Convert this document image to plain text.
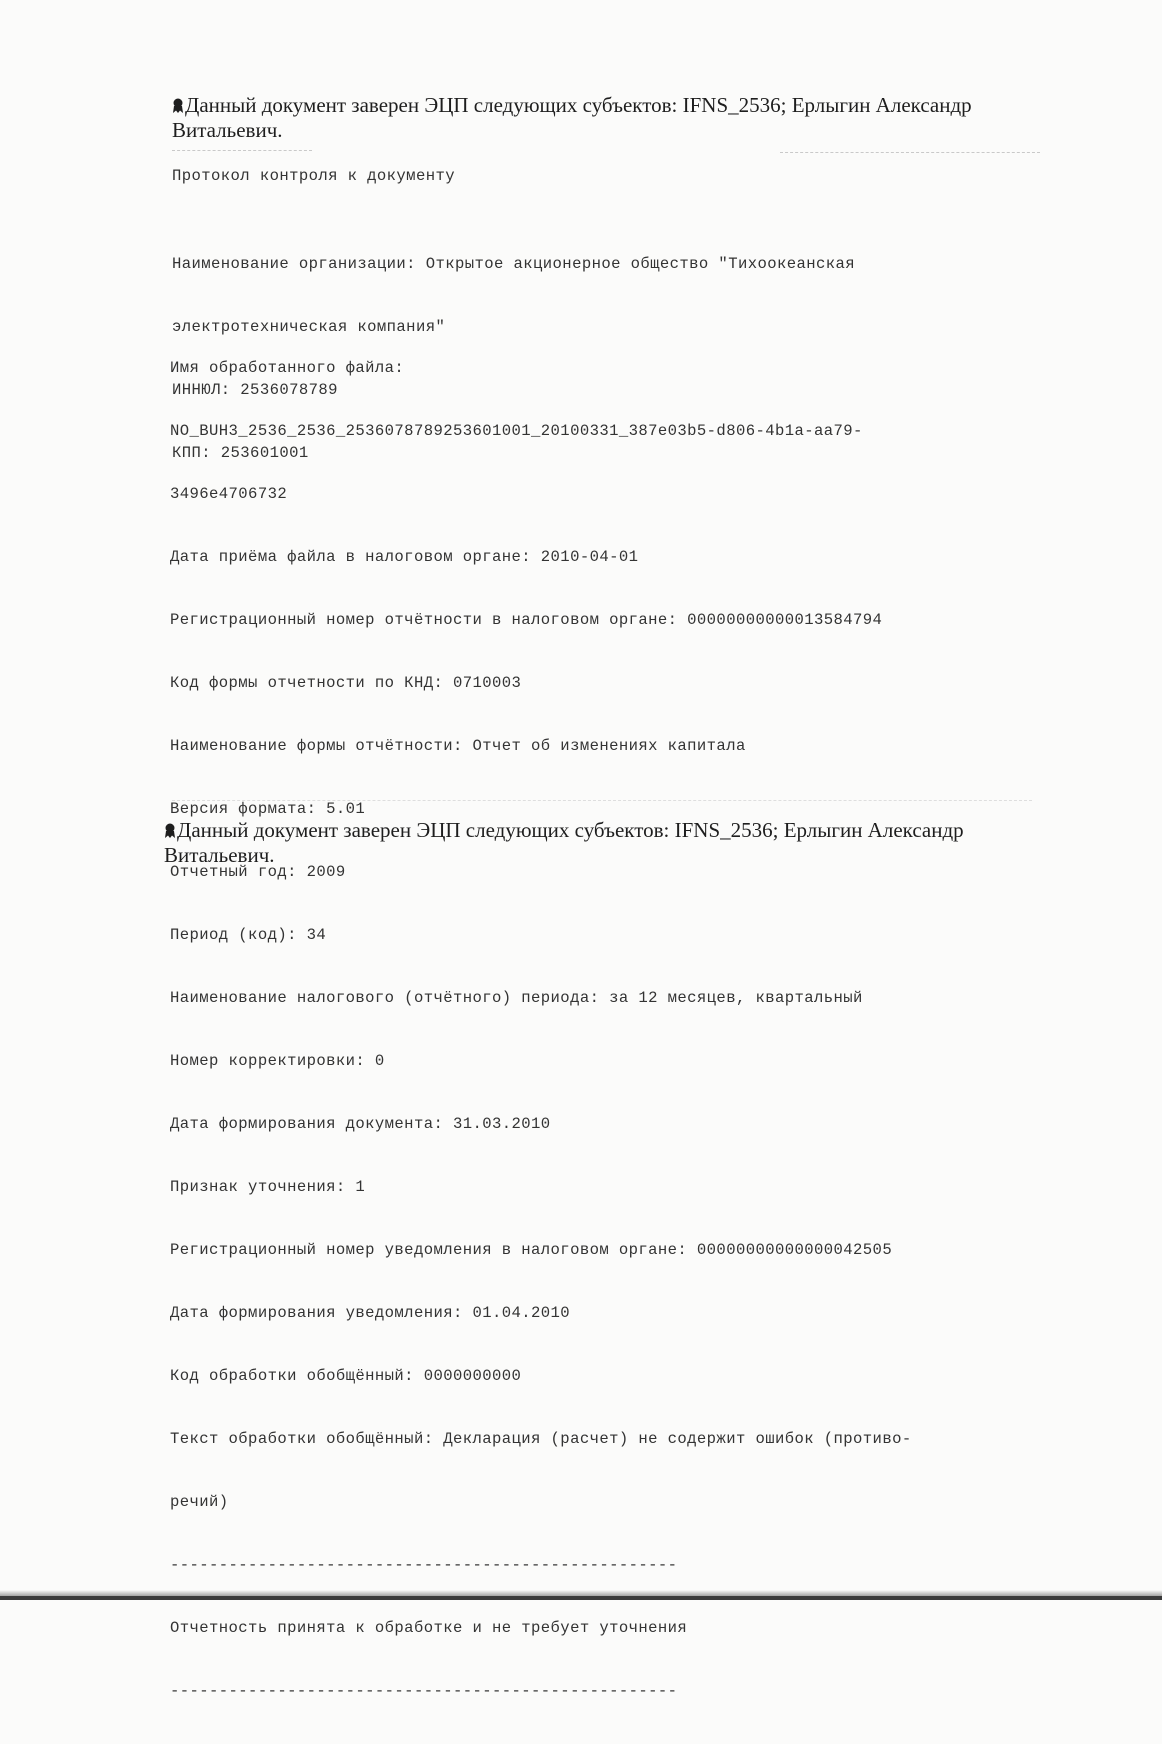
Данный документ заверен ЭЦП следующих субъектов: IFNS_2536; Ерлыгин Александр
Витальевич.
Протокол контроля к документу

Наименование организации: Открытое акционерное общество "Тихоокеанская

электротехническая компания"

ИННЮЛ: 2536078789

КПП: 253601001

Имя обработанного файла:

NO_BUH3_2536_2536_2536078789253601001_20100331_387e03b5-d806-4b1a-aa79-

3496e4706732

Дата приёма файла в налоговом органе: 2010-04-01

Регистрационный номер отчётности в налоговом органе: 00000000000013584794

Код формы отчетности по КНД: 0710003

Наименование формы отчётности: Отчет об изменениях капитала

Версия формата: 5.01

Отчетный год: 2009

Период (код): 34

Наименование налогового (отчётного) периода: за 12 месяцев, квартальный

Номер корректировки: 0

Дата формирования документа: 31.03.2010

Признак уточнения: 1

Регистрационный номер уведомления в налоговом органе: 00000000000000042505

Дата формирования уведомления: 01.04.2010

Код обработки обобщённый: 0000000000

Текст обработки обобщённый: Декларация (расчет) не содержит ошибок (противо-

речий)

----------------------------------------------------

Отчетность принята к обработке и не требует уточнения

----------------------------------------------------

Данный документ заверен ЭЦП следующих субъектов: IFNS_2536; Ерлыгин Александр
Витальевич.
